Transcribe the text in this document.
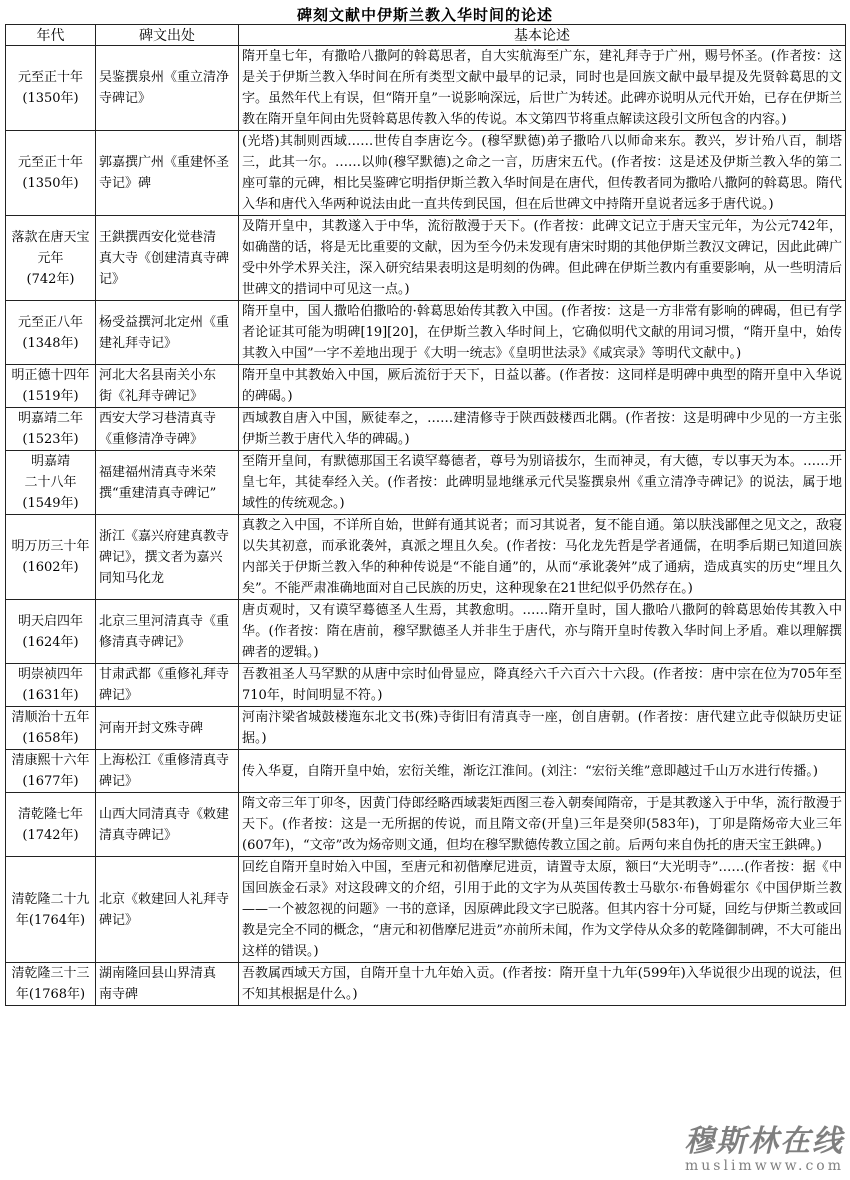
碑刻文献中伊斯兰教入华时间的论述
年代	碑文出处	基本论述
元至正十年
(1350年)	吴鉴撰泉州《重立清净
寺碑记》	隋开皇七年，有撒哈八撒阿的斡葛思者，自大实航海至广东，建礼拜寺于广州，赐号怀圣。(作者按：这是关于伊斯兰教入华时间在所有类型文献中最早的记录，同时也是回族文献中最早提及先贤斡葛思的文字。虽然年代上有误，但“隋开皇”一说影响深远，后世广为转述。此碑亦说明从元代开始，已存在伊斯兰教在隋开皇年间由先贤斡葛思传教入华的传说。本文第四节将重点解读这段引文所包含的内容。)
元至正十年
(1350年)	郭嘉撰广州《重建怀圣
寺记》碑	(光塔)其制则西域……世传自李唐讫今。(穆罕默德)弟子撒哈八以师命来东。教兴，岁计殆八百，制塔三，此其一尔。……以帅(穆罕默德)之命之一言，历唐宋五代。(作者按：这是述及伊斯兰教入华的第二座可靠的元碑，相比吴鉴碑它明指伊斯兰教入华时间是在唐代，但传教者同为撒哈八撒阿的斡葛思。隋代入华和唐代入华两种说法由此一直共传到民国，但在后世碑文中持隋开皇说者远多于唐代说。)
落款在唐天宝
元年
(742年)	王鉷撰西安化觉巷清
真大寺《创建清真寺碑
记》	及隋开皇中，其教遂入于中华，流衍散漫于天下。(作者按：此碑文记立于唐天宝元年，为公元742年，如确凿的话，将是无比重要的文献，因为至今仍未发现有唐宋时期的其他伊斯兰教汉文碑记，因此此碑广受中外学术界关注，深入研究结果表明这是明刻的伪碑。但此碑在伊斯兰教内有重要影响，从一些明清后世碑文的措词中可见这一点。)
元至正八年
(1348年)	杨受益撰河北定州《重
建礼拜寺记》	隋开皇中，国人撒哈伯撒哈的·斡葛思始传其教入中国。(作者按：这是一方非常有影响的碑碣，但已有学者论证其可能为明碑[19][20]，在伊斯兰教入华时间上，它确似明代文献的用词习惯，“隋开皇中，始传其教入中国”一字不差地出现于《大明一统志》《皇明世法录》《咸宾录》等明代文献中。)
明正德十四年
(1519年)	河北大名县南关小东
街《礼拜寺碑记》	隋开皇中其教始入中国，厥后流衍于天下，日益以蕃。(作者按：这同样是明碑中典型的隋开皇中入华说的碑碣。)
明嘉靖二年
(1523年)	西安大学习巷清真寺
《重修清净寺碑》	西域教自唐入中国，厥徒奉之，……建清修寺于陕西鼓楼西北隅。(作者按：这是明碑中少见的一方主张伊斯兰教于唐代入华的碑碣。)
明嘉靖
二十八年
(1549年)	福建福州清真寺米荣
撰“重建清真寺碑记”	至隋开皇间，有默德那国王名谟罕蓦德者，尊号为别谙拔尔，生而神灵，有大德，专以事天为本。……开皇七年，其徒奉经入关。(作者按：此碑明显地继承元代吴鉴撰泉州《重立清净寺碑记》的说法，属于地域性的传统观念。)
明万历三十年
(1602年)	浙江《嘉兴府建真教寺
碑记》，撰文者为嘉兴
同知马化龙	真教之入中国，不详所自始，世鲜有通其说者；而习其说者，复不能自通。第以肤浅鄙俚之见文之，敌寝以失其初意，而承讹袭舛，真派之埋且久矣。(作者按：马化龙先哲是学者通儒，在明季后期已知道回族内部关于伊斯兰教入华的种种传说是“不能自通”的，从而“承讹袭舛”成了通病，造成真实的历史“埋且久矣”。不能严肃准确地面对自己民族的历史，这种现象在21世纪似乎仍然存在。)
明天启四年
(1624年)	北京三里河清真寺《重
修清真寺碑记》	唐贞观时，又有谟罕蓦德圣人生焉，其教愈明。……隋开皇时，国人撒哈八撒阿的斡葛思始传其教入中华。(作者按：隋在唐前，穆罕默德圣人并非生于唐代，亦与隋开皇时传教入华时间上矛盾。难以理解撰碑者的逻辑。)
明崇祯四年
(1631年)	甘肃武都《重修礼拜寺
碑记》	吾教祖圣人马罕默的从唐中宗时仙骨显应，降真经六千六百六十六段。(作者按：唐中宗在位为705年至710年，时间明显不符。)
清顺治十五年
(1658年)	河南开封文殊寺碑	河南汴梁省城鼓楼迤东北文书(殊)寺街旧有清真寺一座，创自唐朝。(作者按：唐代建立此寺似缺历史证据。)
清康熙十六年
(1677年)	上海松江《重修清真寺
碑记》	传入华夏，自隋开皇中始，宏衍关维，渐讫江淮间。(刘注：“宏衍关维”意即越过千山万水进行传播。)
清乾隆七年
(1742年)	山西大同清真寺《敕建
清真寺碑记》	隋文帝三年丁卯冬，因黄门侍郎经略西域裴矩西图三卷入朝奏闻隋帝，于是其教遂入于中华，流行散漫于天下。(作者按：这是一无所据的传说，而且隋文帝(开皇)三年是癸卯(583年)，丁卯是隋炀帝大业三年(607年)，“文帝”改为炀帝则文通，但均在穆罕默德传教立国之前。后两句来自伪托的唐天宝王鉷碑。)
清乾隆二十九
年(1764年)	北京《敕建回人礼拜寺
碑记》	回纥自隋开皇时始入中国，至唐元和初偕摩尼进贡，请置寺太原，额曰“大光明寺”……(作者按：据《中国回族金石录》对这段碑文的介绍，引用于此的文字为从英国传教士马歇尔·布鲁姆霍尔《中国伊斯兰教——一个被忽视的问题》一书的意译，因原碑此段文字已脱落。但其内容十分可疑，回纥与伊斯兰教或回教是完全不同的概念，“唐元和初偕摩尼进贡”亦前所未闻，作为文学侍从众多的乾隆御制碑，不大可能出这样的错误。)
清乾隆三十三
年(1768年)	湖南隆回县山界清真
南寺碑	吾教属西域天方国，自隋开皇十九年始入贡。(作者按：隋开皇十九年(599年)入华说很少出现的说法，但不知其根据是什么。)
穆斯林在线
muslimwww.com
